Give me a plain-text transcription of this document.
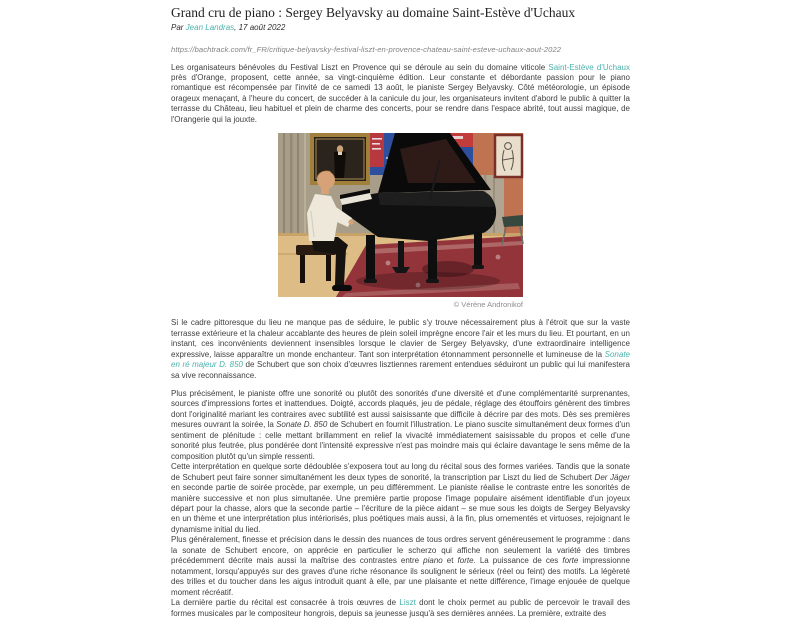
Grand cru de piano : Sergey Belyavsky au domaine Saint-Estève d'Uchaux

Par Jean Landras, 17 août 2022

https://bachtrack.com/fr_FR/critique-belyavsky-festival-liszt-en-provence-chateau-saint-esteve-uchaux-aout-2022

Les organisateurs bénévoles du Festival Liszt en Provence qui se déroule au sein du domaine viticole Saint-Estève d'Uchaux près d'Orange, proposent, cette année, sa vingt-cinquième édition. Leur constante et débordante passion pour le piano romantique est récompensée par l'invité de ce samedi 13 août, le pianiste Sergey Belyavsky. Côté météorologie, un épisode orageux menaçant, à l'heure du concert, de succéder à la canicule du jour, les organisateurs invitent d'abord le public à quitter la terrasse du Château, lieu habituel et plein de charme des concerts, pour se rendre dans l'espace abrité, tout aussi magique, de l'Orangerie qui la jouxte.

© Vérène Andronikof

Si le cadre pittoresque du lieu ne manque pas de séduire, le public s'y trouve nécessairement plus à l'étroit que sur la vaste terrasse extérieure et la chaleur accablante des heures de plein soleil imprègne encore l'air et les murs du lieu. Et pourtant, en un instant, ces inconvénients deviennent insensibles lorsque le clavier de Sergey Belyavsky, d'une extraordinaire intelligence expressive, laisse apparaître un monde enchanteur. Tant son interprétation étonnamment personnelle et lumineuse de la Sonate en ré majeur D. 850 de Schubert que son choix d'œuvres lisztiennes rarement entendues séduiront un public qui lui manifestera sa vive reconnaissance.

Plus précisément, le pianiste offre une sonorité ou plutôt des sonorités d'une diversité et d'une complémentarité surprenantes, sources d'impressions fortes et inattendues. Doigté, accords plaqués, jeu de pédale, réglage des étouffoirs génèrent des timbres dont l'originalité mariant les contraires avec subtilité est aussi saisissante que difficile à décrire par des mots. Dès ses premières mesures ouvrant la soirée, la Sonate D. 850 de Schubert en fournit l'illustration. Le piano suscite simultanément deux formes d'un sentiment de plénitude : celle mettant brillamment en relief la vivacité immédiatement saisissable du propos et celle d'une sonorité plus feutrée, plus pondérée dont l'intensité expressive n'est pas moindre mais qui éclaire davantage le sens même de la composition plutôt qu'un simple ressenti.

Cette interprétation en quelque sorte dédoublée s'exposera tout au long du récital sous des formes variées. Tandis que la sonate de Schubert peut faire sonner simultanément les deux types de sonorité, la transcription par Liszt du lied de Schubert Der Jäger en seconde partie de soirée procède, par exemple, un peu différemment. Le pianiste réalise le contraste entre les sonorités de manière successive et non plus simultanée. Une première partie propose l'image populaire aisément identifiable d'un joyeux départ pour la chasse, alors que la seconde partie – l'écriture de la pièce aidant – se mue sous les doigts de Sergey Belyavsky en un thème et une interprétation plus intériorisés, plus poétiques mais aussi, à la fin, plus ornementés et virtuoses, rejoignant le dynamisme initial du lied.

Plus généralement, finesse et précision dans le dessin des nuances de tous ordres servent généreusement le programme : dans la sonate de Schubert encore, on apprécie en particulier le scherzo qui affiche non seulement la variété des timbres précédemment décrite mais aussi la maîtrise des contrastes entre piano et forte. La puissance de ces forte impressionne notamment, lorsqu'appuyés sur des graves d'une riche résonance ils soulignent le sérieux (réel ou feint) des motifs. La légèreté des trilles et du toucher dans les aigus introduit quant à elle, par une plaisante et nette différence, l'image enjouée de quelque moment récréatif.

La dernière partie du récital est consacrée à trois œuvres de Liszt dont le choix permet au public de percevoir le travail des formes musicales par le compositeur hongrois, depuis sa jeunesse jusqu'à ses dernières années. La première, extraite des
